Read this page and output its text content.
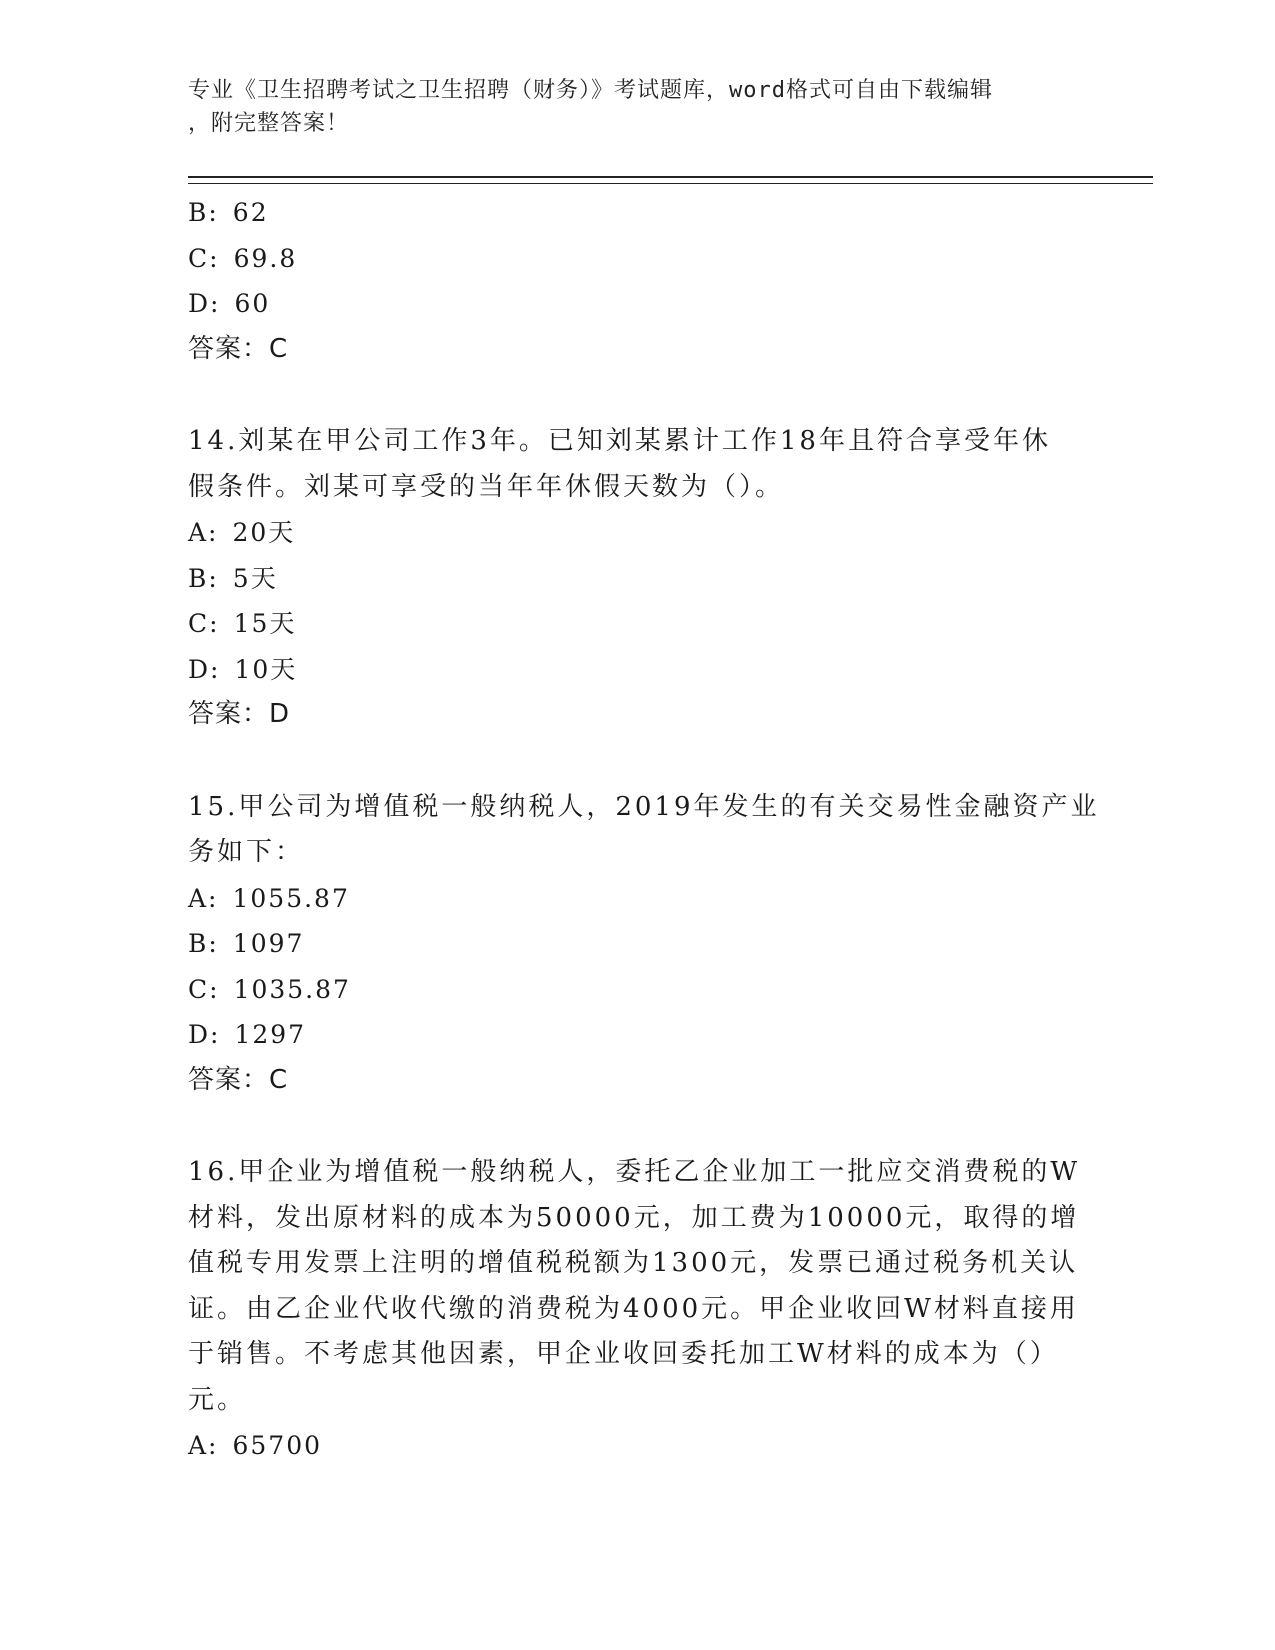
专业《卫生招聘考试之卫生招聘（财务）》考试题库，word格式可自由下载编辑
，附完整答案！
B: 62
C: 69.8
D: 60
答案：C
14.刘某在甲公司工作3年。已知刘某累计工作18年且符合享受年休
假条件。刘某可享受的当年年休假天数为（）。
A: 20天
B: 5天
C: 15天
D: 10天
答案：D
15.甲公司为增值税一般纳税人，2019年发生的有关交易性金融资产业
务如下：
A: 1055.87
B: 1097
C: 1035.87
D: 1297
答案：C
16.甲企业为增值税一般纳税人，委托乙企业加工一批应交消费税的W
材料，发出原材料的成本为50000元，加工费为10000元，取得的增
值税专用发票上注明的增值税税额为1300元，发票已通过税务机关认
证。由乙企业代收代缴的消费税为4000元。甲企业收回W材料直接用
于销售。不考虑其他因素，甲企业收回委托加工W材料的成本为（）
元。
A: 65700
